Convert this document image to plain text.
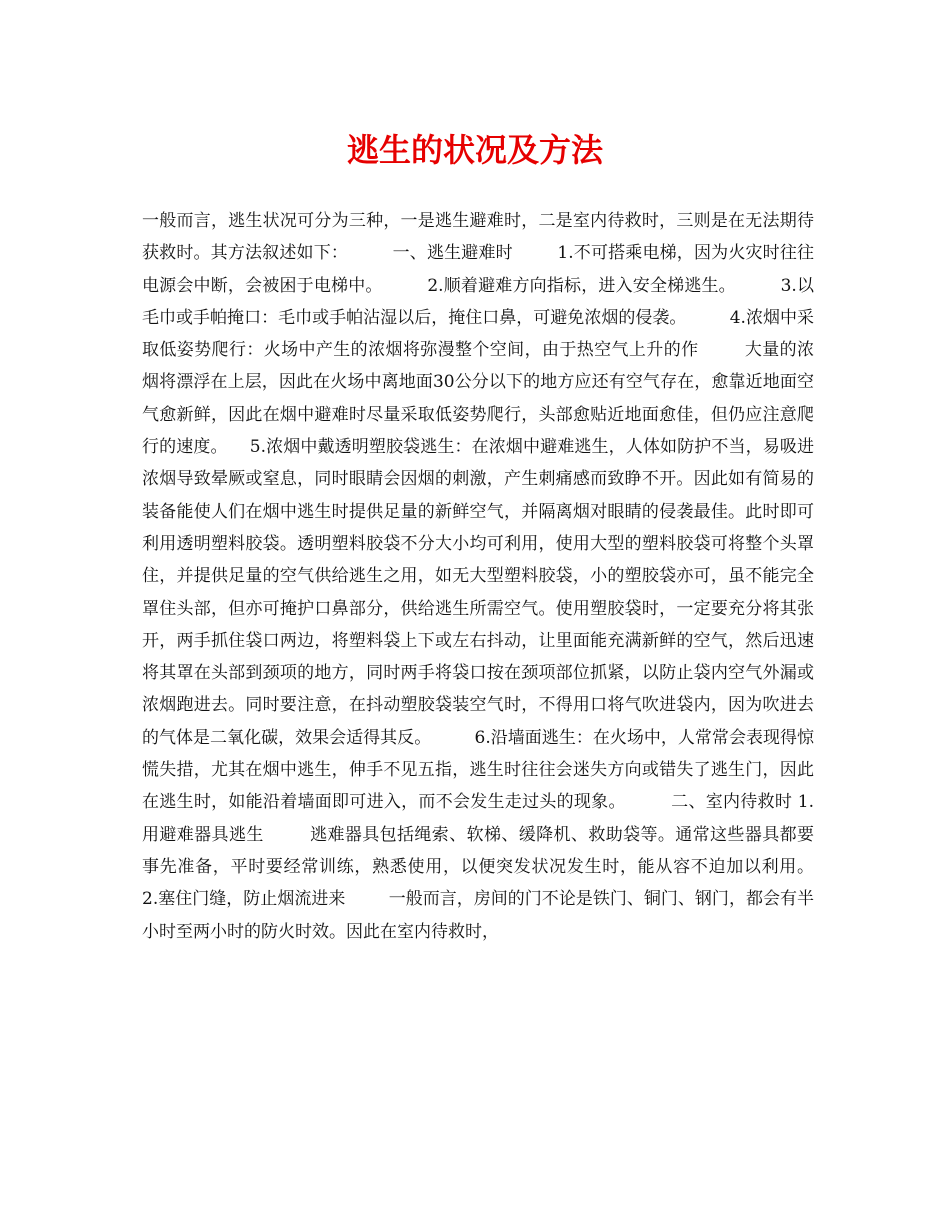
逃生的状况及方法

一般而言，逃生状况可分为三种，一是逃生避难时，二是室内待救时，三则是在无法期待获救时。其方法叙述如下：        一、逃生避难时        1.不可搭乘电梯，因为火灾时往往电源会中断，会被困于电梯中。        2.顺着避难方向指标，进入安全梯逃生。        3.以毛巾或手帕掩口：毛巾或手帕沾湿以后，掩住口鼻，可避免浓烟的侵袭。        4.浓烟中采取低姿势爬行：火场中产生的浓烟将弥漫整个空间，由于热空气上升的作        大量的浓烟将漂浮在上层，因此在火场中离地面30公分以下的地方应还有空气存在，愈靠近地面空气愈新鲜，因此在烟中避难时尽量采取低姿势爬行，头部愈贴近地面愈佳，但仍应注意爬行的速度。    5.浓烟中戴透明塑胶袋逃生：在浓烟中避难逃生，人体如防护不当，易吸进浓烟导致晕厥或窒息，同时眼睛会因烟的刺激，产生刺痛感而致睁不开。因此如有简易的装备能使人们在烟中逃生时提供足量的新鲜空气，并隔离烟对眼睛的侵袭最佳。此时即可利用透明塑料胶袋。透明塑料胶袋不分大小均可利用，使用大型的塑料胶袋可将整个头罩住，并提供足量的空气供给逃生之用，如无大型塑料胶袋，小的塑胶袋亦可，虽不能完全罩住头部，但亦可掩护口鼻部分，供给逃生所需空气。使用塑胶袋时，一定要充分将其张开，两手抓住袋口两边，将塑料袋上下或左右抖动，让里面能充满新鲜的空气，然后迅速将其罩在头部到颈项的地方，同时两手将袋口按在颈项部位抓紧，以防止袋内空气外漏或浓烟跑进去。同时要注意，在抖动塑胶袋装空气时，不得用口将气吹进袋内，因为吹进去的气体是二氧化碳，效果会适得其反。        6.沿墙面逃生：在火场中，人常常会表现得惊慌失措，尤其在烟中逃生，伸手不见五指，逃生时往往会迷失方向或错失了逃生门，因此在逃生时，如能沿着墙面即可进入，而不会发生走过头的现象。        二、室内待救时 1.用避难器具逃生        逃难器具包括绳索、软梯、缓降机、救助袋等。通常这些器具都要事先准备，平时要经常训练，熟悉使用，以便突发状况发生时，能从容不迫加以利用。        2.塞住门缝，防止烟流进来        一般而言，房间的门不论是铁门、铜门、钢门，都会有半小时至两小时的防火时效。因此在室内待救时，
